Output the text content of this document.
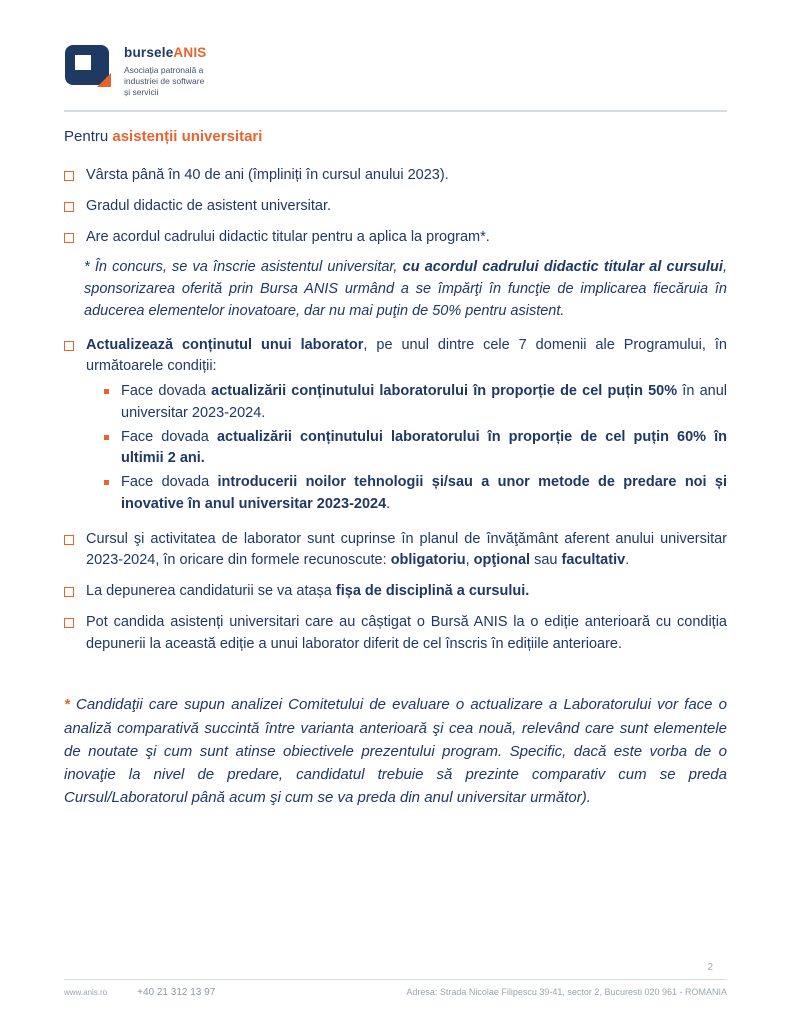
burseleANIS
Asociația patronală a
industriei de software
și servicii
Pentru asistenții universitari
Vârsta până în 40 de ani (împliniți în cursul anului 2023).
Gradul didactic de asistent universitar.
Are acordul cadrului didactic titular pentru a aplica la program*.
* În concurs, se va înscrie asistentul universitar, cu acordul cadrului didactic titular al cursului, sponsorizarea oferită prin Bursa ANIS urmând a se împărţi în funcţie de implicarea fiecăruia în aducerea elementelor inovatoare, dar nu mai puţin de 50% pentru asistent.
Actualizează conținutul unui laborator, pe unul dintre cele 7 domenii ale Programului, în următoarele condiții:
Face dovada actualizării conținutului laboratorului în proporție de cel puțin 50% în anul universitar 2023-2024.
Face dovada actualizării conținutului laboratorului în proporție de cel puțin 60% în ultimii 2 ani.
Face dovada introducerii noilor tehnologii și/sau a unor metode de predare noi și inovative în anul universitar 2023-2024.
Cursul şi activitatea de laborator sunt cuprinse în planul de învăţământ aferent anului universitar 2023-2024, în oricare din formele recunoscute: obligatoriu, opţional sau facultativ.
La depunerea candidaturii se va atașa fișa de disciplină a cursului.
Pot candida asistenți universitari care au câștigat o Bursă ANIS la o ediție anterioară cu condiția depunerii la această ediție a unui laborator diferit de cel înscris în edițiile anterioare.
* Candidaţii care supun analizei Comitetului de evaluare o actualizare a Laboratorului vor face o analiză comparativă succintă între varianta anterioară şi cea nouă, relevând care sunt elementele de noutate şi cum sunt atinse obiectivele prezentului program. Specific, dacă este vorba de o inovaţie la nivel de predare, candidatul trebuie să prezinte comparativ cum se preda Cursul/Laboratorul până acum şi cum se va preda din anul universitar următor).
2
www.anis.ro	+40 21 312 13 97	Adresa: Strada Nicolae Filipescu 39-41, sector 2, Bucuresti 020 961 - ROMANIA
